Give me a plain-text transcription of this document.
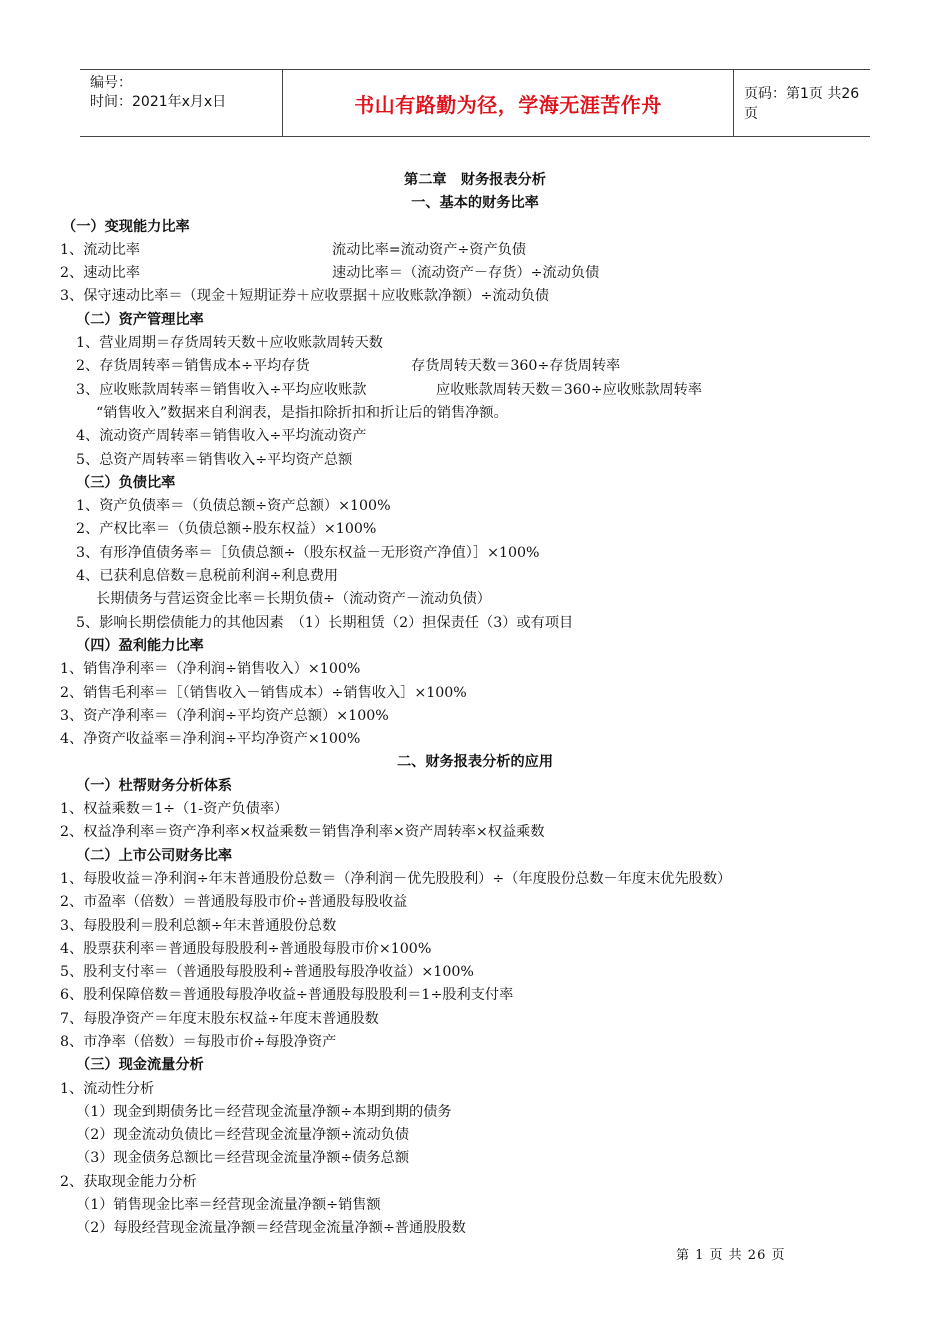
编号：
时间：2021年x月x日	书山有路勤为径，学海无涯苦作舟	页码：第1页 共26页
第二章　财务报表分析
一、基本的财务比率
（一）变现能力比率
1、流动比率	流动比率=流动资产÷资产负债
2、速动比率	速动比率＝（流动资产－存货）÷流动负债
3、保守速动比率＝（现金＋短期证券＋应收票据＋应收账款净额）÷流动负债
（二）资产管理比率
1、营业周期＝存货周转天数＋应收账款周转天数
2、存货周转率＝销售成本÷平均存货	存货周转天数＝360÷存货周转率
3、应收账款周转率＝销售收入÷平均应收账款	应收账款周转天数＝360÷应收账款周转率
“销售收入”数据来自利润表，是指扣除折扣和折让后的销售净额。
4、流动资产周转率＝销售收入÷平均流动资产
5、总资产周转率＝销售收入÷平均资产总额
（三）负债比率
1、资产负债率＝（负债总额÷资产总额）×100%
2、产权比率＝（负债总额÷股东权益）×100%
3、有形净值债务率＝［负债总额÷（股东权益－无形资产净值）］×100%
4、已获利息倍数＝息税前利润÷利息费用
长期债务与营运资金比率＝长期负债÷（流动资产－流动负债）
5、影响长期偿债能力的其他因素　（1）长期租赁（2）担保责任（3）或有项目
（四）盈利能力比率
1、销售净利率＝（净利润÷销售收入）×100%
2、销售毛利率＝［（销售收入－销售成本）÷销售收入］×100%
3、资产净利率＝（净利润÷平均资产总额）×100%
4、净资产收益率＝净利润÷平均净资产×100%
二、财务报表分析的应用
（一）杜帮财务分析体系
1、权益乘数＝1÷（1-资产负债率）
2、权益净利率＝资产净利率×权益乘数＝销售净利率×资产周转率×权益乘数
（二）上市公司财务比率
1、每股收益＝净利润÷年末普通股份总数＝（净利润－优先股股利）÷（年度股份总数－年度末优先股数）
2、市盈率（倍数）＝普通股每股市价÷普通股每股收益
3、每股股利＝股利总额÷年末普通股份总数
4、股票获利率＝普通股每股股利÷普通股每股市价×100%
5、股利支付率＝（普通股每股股利÷普通股每股净收益）×100%
6、股利保障倍数＝普通股每股净收益÷普通股每股股利＝1÷股利支付率
7、每股净资产＝年度末股东权益÷年度末普通股数
8、市净率（倍数）＝每股市价÷每股净资产
（三）现金流量分析
1、流动性分析
（1）现金到期债务比＝经营现金流量净额÷本期到期的债务
（2）现金流动负债比＝经营现金流量净额÷流动负债
（3）现金债务总额比＝经营现金流量净额÷债务总额
2、获取现金能力分析
（1）销售现金比率＝经营现金流量净额÷销售额
（2）每股经营现金流量净额＝经营现金流量净额÷普通股股数
第 1 页 共 26 页
